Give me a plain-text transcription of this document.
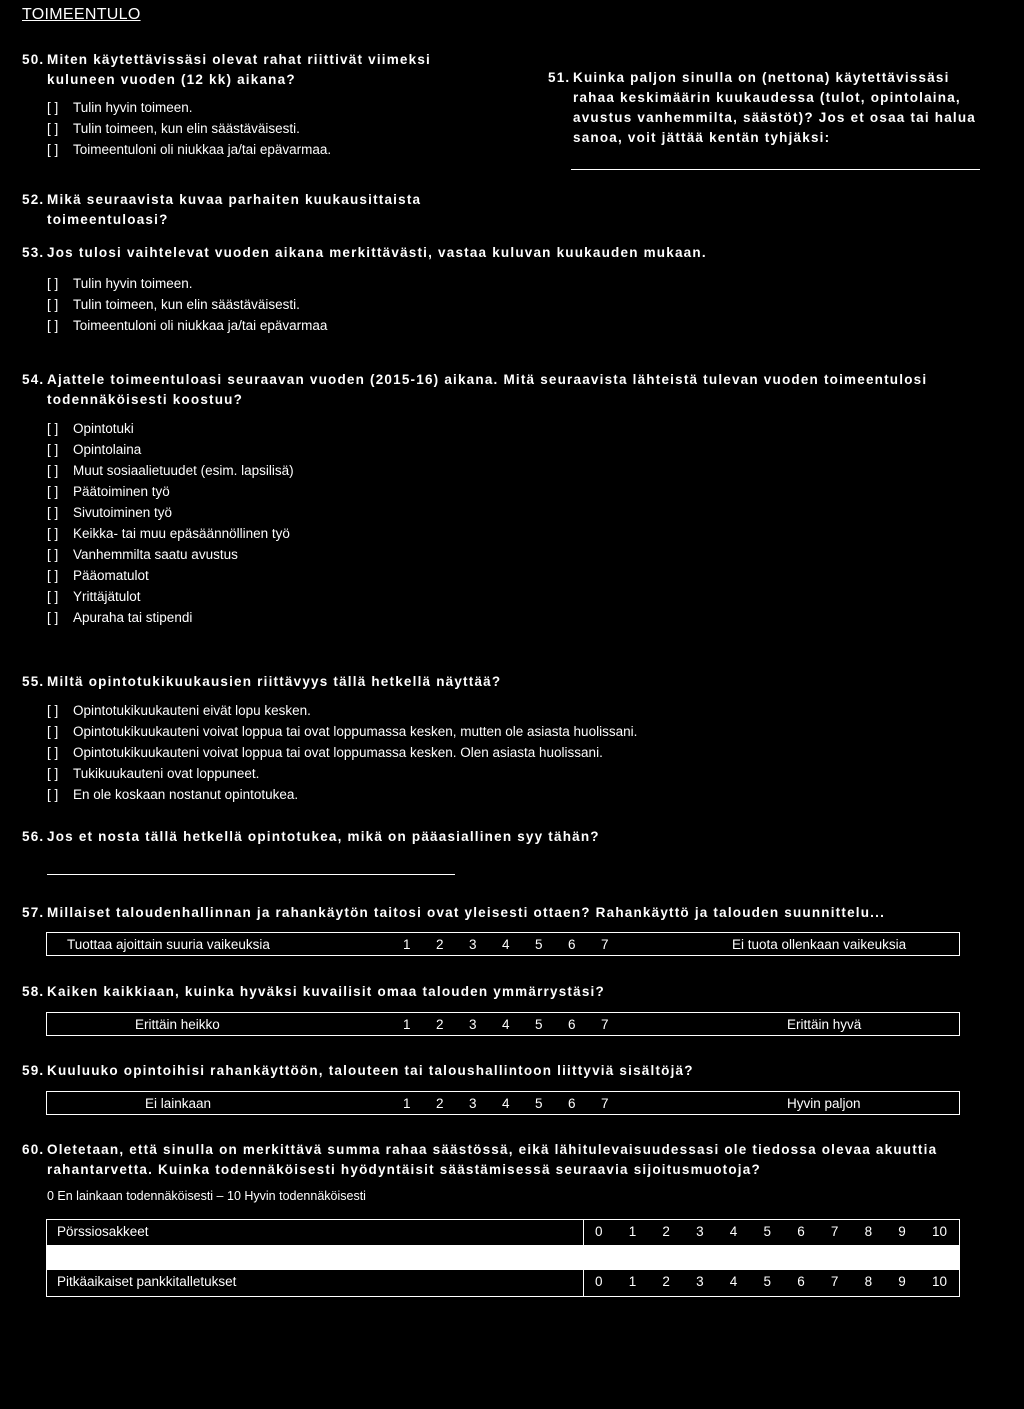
TOIMEENTULO
50. Miten käytettävissäsi olevat rahat riittivät viimeksi
kuluneen vuoden (12 kk) aikana?
[ ] Tulin hyvin toimeen.
[ ] Tulin toimeen, kun elin säästäväisesti.
[ ] Toimeentuloni oli niukkaa ja/tai epävarmaa.
51. Kuinka paljon sinulla on (nettona) käytettävissäsi
rahaa keskimäärin kuukaudessa (tulot, opintolaina,
avustus vanhemmilta, säästöt)? Jos et osaa tai halua
sanoa, voit jättää kentän tyhjäksi:
52. Mikä seuraavista kuvaa parhaiten kuukausittaista
toimeentuloasi?
53. Jos tulosi vaihtelevat vuoden aikana merkittävästi, vastaa kuluvan kuukauden mukaan.
[ ] Tulin hyvin toimeen.
[ ] Tulin toimeen, kun elin säästäväisesti.
[ ] Toimeentuloni oli niukkaa ja/tai epävarmaa
54. Ajattele toimeentuloasi seuraavan vuoden (2015-16) aikana. Mitä seuraavista lähteistä tulevan vuoden toimeentulosi
todennäköisesti koostuu?
[ ] Opintotuki
[ ] Opintolaina
[ ] Muut sosiaalietuudet (esim. lapsilisä)
[ ] Päätoiminen työ
[ ] Sivutoiminen työ
[ ] Keikka- tai muu epäsäännöllinen työ
[ ] Vanhemmilta saatu avustus
[ ] Pääomatulot
[ ] Yrittäjätulot
[ ] Apuraha tai stipendi
55. Miltä opintotukikuukausien riittävyys tällä hetkellä näyttää?
[ ] Opintotukikuukauteni eivät lopu kesken.
[ ] Opintotukikuukauteni voivat loppua tai ovat loppumassa kesken, mutten ole asiasta huolissani.
[ ] Opintotukikuukauteni voivat loppua tai ovat loppumassa kesken. Olen asiasta huolissani.
[ ] Tukikuukauteni ovat loppuneet.
[ ] En ole koskaan nostanut opintotukea.
56. Jos et nosta tällä hetkellä opintotukea, mikä on pääasiallinen syy tähän?
57. Millaiset taloudenhallinnan ja rahankäytön taitosi ovat yleisesti ottaen? Rahankäyttö ja talouden suunnittelu...
Tuottaa ajoittain suuria vaikeuksia	1 2 3 4 5 6 7	Ei tuota ollenkaan vaikeuksia
58. Kaiken kaikkiaan, kuinka hyväksi kuvailisit omaa talouden ymmärrystäsi?
Erittäin heikko	1 2 3 4 5 6 7	Erittäin hyvä
59. Kuuluuko opintoihisi rahankäyttöön, talouteen tai taloushallintoon liittyviä sisältöjä?
Ei lainkaan	1 2 3 4 5 6 7	Hyvin paljon
60. Oletetaan, että sinulla on merkittävä summa rahaa säästössä, eikä lähitulevaisuudessasi ole tiedossa olevaa akuuttia
rahantarvetta. Kuinka todennäköisesti hyödyntäisit säästämisessä seuraavia sijoitusmuotoja?
0 En lainkaan todennäköisesti – 10 Hyvin todennäköisesti
Pörssiosakkeet	0 1 2 3 4 5 6 7 8 9 10
Pitkäaikaiset pankkitalletukset	0 1 2 3 4 5 6 7 8 9 10
